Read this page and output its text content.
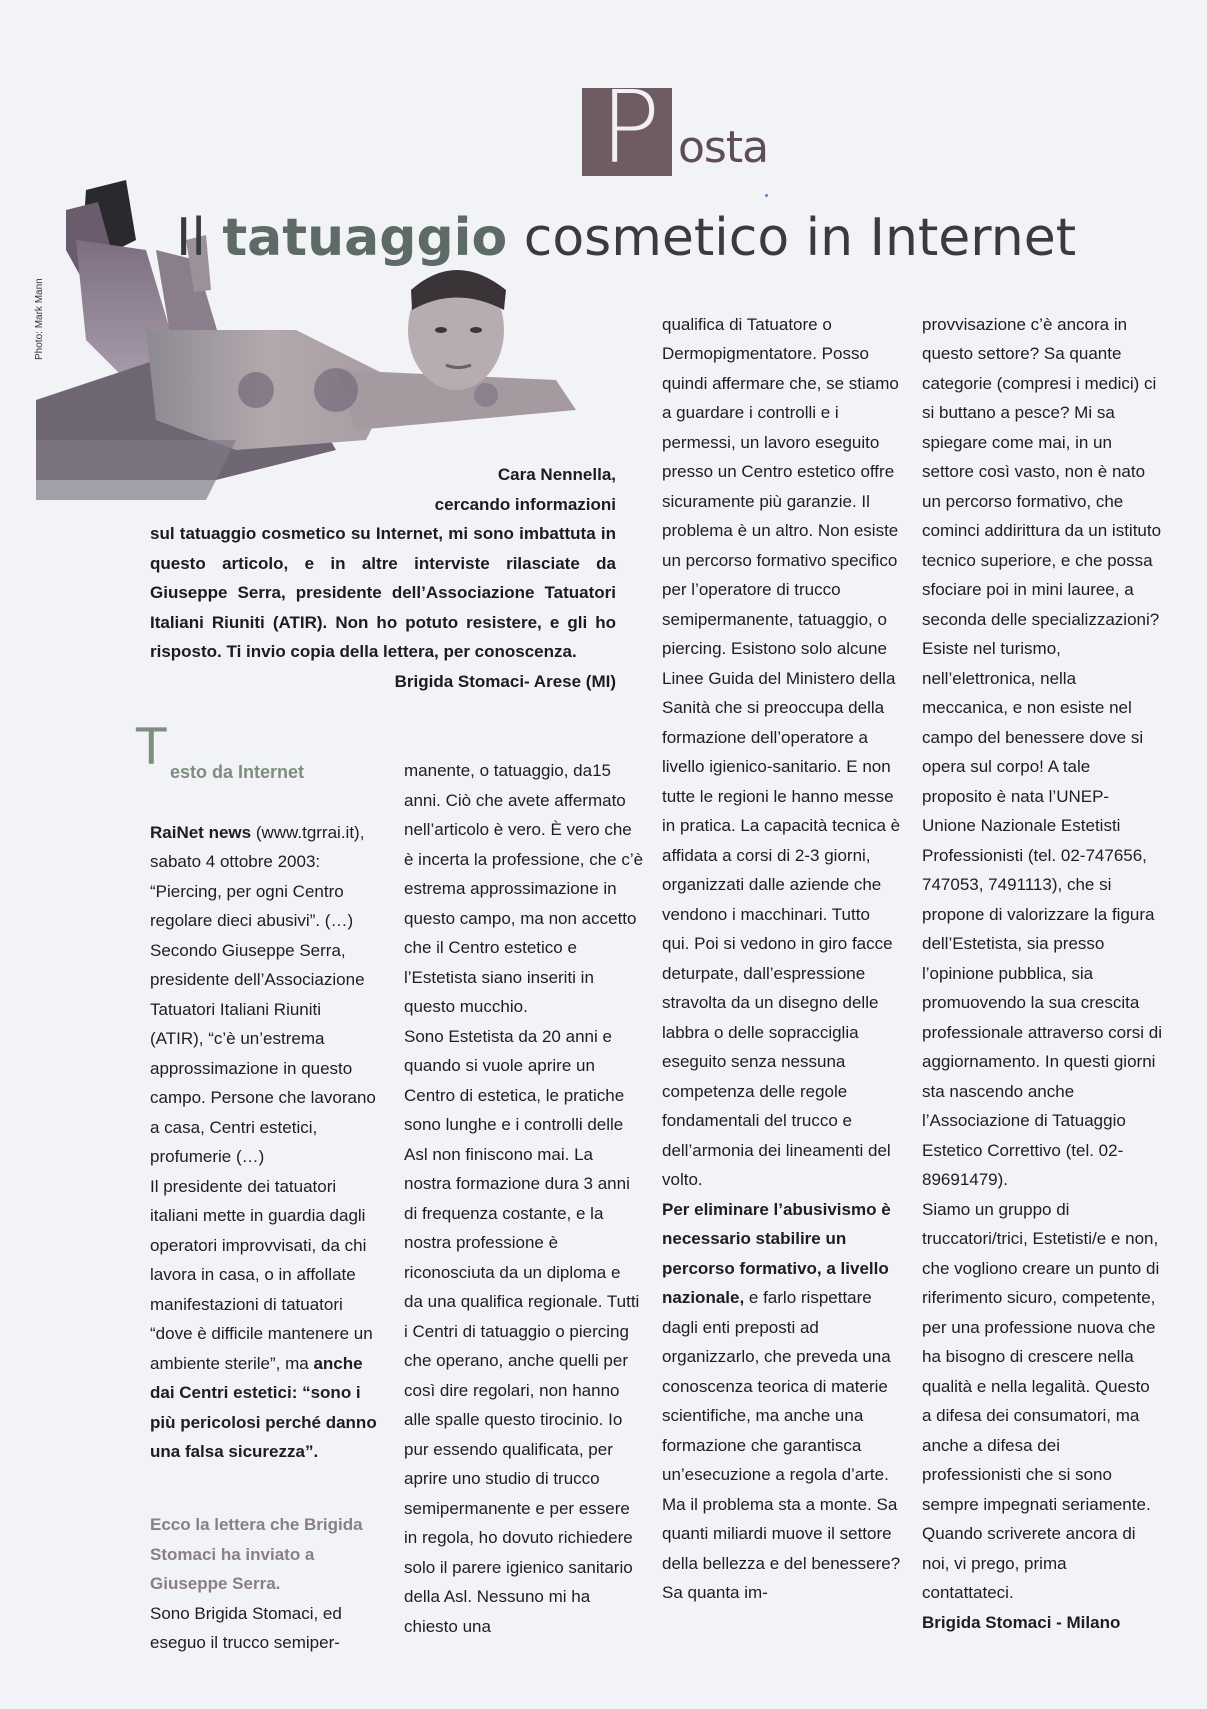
P osta
Photo: Mark Mann
Il tatuaggio cosmetico in Internet

Cara Nennella,

cercando informazioni

sul tatuaggio cosmetico su Internet, mi sono imbattuta in questo articolo, e in altre interviste rilasciate da Giuseppe Serra, presidente dell’Associazione Tatuatori Italiani Riuniti (ATIR). Non ho potuto resistere, e gli ho risposto. Ti invio copia della lettera, per conoscenza.

Brigida Stomaci- Arese (MI)

T esto da Internet

RaiNet news (www.tgrrai.it), sabato 4 ottobre 2003: “Piercing, per ogni Centro regolare dieci abusivi”. (…) Secondo Giuseppe Serra, presidente dell’Associazione Tatuatori Italiani Riuniti (ATIR), “c’è un’estrema approssimazione in questo campo. Persone che lavorano a casa, Centri estetici, profumerie (…)
Il presidente dei tatuatori italiani mette in guardia dagli operatori improvvisati, da chi lavora in casa, o in affollate manifestazioni di tatuatori “dove è difficile mantenere un ambiente sterile”, ma anche dai Centri estetici: “sono i più pericolosi perché danno una falsa sicurezza”.

Ecco la lettera che Brigida Stomaci ha inviato a Giuseppe Serra.
Sono Brigida Stomaci, ed eseguo il trucco semiper-

manente, o tatuaggio, da15 anni. Ciò che avete affermato nell’articolo è vero. È vero che è incerta la professione, che c’è estrema approssimazione in questo campo, ma non accetto che il Centro estetico e l’Estetista siano inseriti in questo mucchio.
Sono Estetista da 20 anni e quando si vuole aprire un Centro di estetica, le pratiche sono lunghe e i controlli delle Asl non finiscono mai. La nostra formazione dura 3 anni di frequenza costante, e la nostra professione è riconosciuta da un diploma e da una qualifica regionale. Tutti i Centri di tatuaggio o piercing che operano, anche quelli per così dire regolari, non hanno alle spalle questo tirocinio. Io pur essendo qualificata, per aprire uno studio di trucco semipermanente e per essere in regola, ho dovuto richiedere solo il parere igienico sanitario della Asl. Nessuno mi ha chiesto una

qualifica di Tatuatore o Dermopigmentatore. Posso quindi affermare che, se stiamo a guardare i controlli e i permessi, un lavoro eseguito presso un Centro estetico offre sicuramente più garanzie. Il problema è un altro. Non esiste un percorso formativo specifico per l’operatore di trucco semipermanente, tatuaggio, o piercing. Esistono solo alcune Linee Guida del Ministero della Sanità che si preoccupa della formazione dell’operatore a livello igienico-sanitario. E non tutte le regioni le hanno messe in pratica. La capacità tecnica è affidata a corsi di 2-3 giorni, organizzati dalle aziende che vendono i macchinari. Tutto qui. Poi si vedono in giro facce deturpate, dall’espressione stravolta da un disegno delle labbra o delle sopracciglia eseguito senza nessuna competenza delle regole fondamentali del trucco e dell’armonia dei lineamenti del volto.
Per eliminare l’abusivismo è necessario stabilire un percorso formativo, a livello nazionale, e farlo rispettare dagli enti preposti ad organizzarlo, che preveda una conoscenza teorica di materie scientifiche, ma anche una formazione che garantisca un’esecuzione a regola d’arte.
Ma il problema sta a monte. Sa quanti miliardi muove il settore della bellezza e del benessere? Sa quanta im-

provvisazione c’è ancora in questo settore? Sa quante categorie (compresi i medici) ci si buttano a pesce? Mi sa spiegare come mai, in un settore così vasto, non è nato un percorso formativo, che cominci addirittura da un istituto tecnico superiore, e che possa sfociare poi in mini lauree, a seconda delle specializzazioni?
Esiste nel turismo, nell’elettronica, nella meccanica, e non esiste nel campo del benessere dove si opera sul corpo! A tale proposito è nata l’UNEP- Unione Nazionale Estetisti Professionisti (tel. 02-747656, 747053, 7491113), che si propone di valorizzare la figura dell’Estetista, sia presso l’opinione pubblica, sia promuovendo la sua crescita professionale attraverso corsi di aggiornamento. In questi giorni sta nascendo anche l’Associazione di Tatuaggio Estetico Correttivo (tel. 02-89691479).
Siamo un gruppo di truccatori/trici, Estetisti/e e non, che vogliono creare un punto di riferimento sicuro, competente, per una professione nuova che ha bisogno di crescere nella qualità e nella legalità. Questo a difesa dei consumatori, ma anche a difesa dei professionisti che si sono sempre impegnati seriamente. Quando scriverete ancora di noi, vi prego, prima contattateci.
Brigida Stomaci - Milano
